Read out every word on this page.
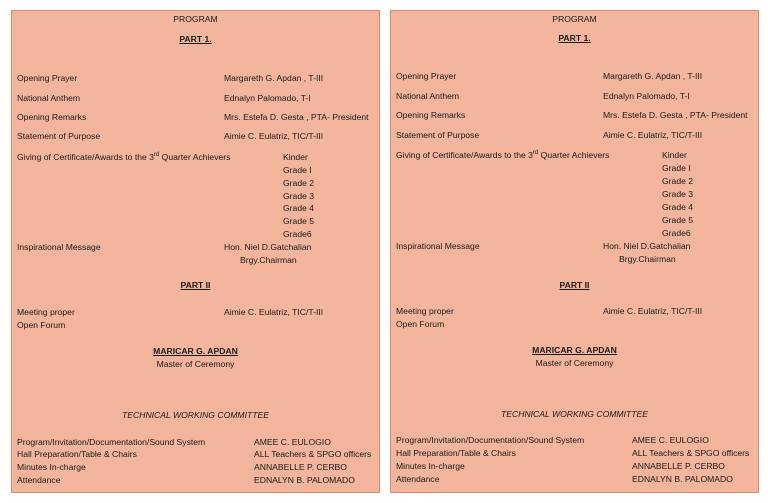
PROGRAM
PART 1.
Opening Prayer	Margareth G. Apdan , T-III
National Anthem	Ednalyn Palomado, T-I
Opening Remarks	Mrs. Estefa D. Gesta , PTA- President
Statement of Purpose	Aimie C. Eulatriz, TIC/T-III
Giving of Certificate/Awards to the 3rd Quarter Achievers	Kinder
Grade I
Grade 2
Grade 3
Grade 4
Grade 5
Grade6
Inspirational Message	Hon. Niel D.Gatchalian
Brgy.Chairman
PART II
Meeting proper	Aimie C. Eulatriz, TIC/T-III
Open Forum
MARICAR G. APDAN
Master of Ceremony
TECHNICAL WORKING COMMITTEE
Program/Invitation/Documentation/Sound System	AMEE C. EULOGIO
Hall Preparation/Table & Chairs	ALL Teachers & SPGO officers
Minutes In-charge	ANNABELLE P. CERBO
Attendance	EDNALYN B. PALOMADO
PROGRAM
PART 1.
Opening Prayer	Margareth G. Apdan , T-III
National Anthem	Ednalyn Palomado, T-I
Opening Remarks	Mrs. Estefa D. Gesta , PTA- President
Statement of Purpose	Aimie C. Eulatriz, TIC/T-III
Giving of Certificate/Awards to the 3rd Quarter Achievers	Kinder
Grade I
Grade 2
Grade 3
Grade 4
Grade 5
Grade6
Inspirational Message	Hon. Niel D.Gatchalian
Brgy.Chairman
PART II
Meeting proper	Aimie C. Eulatriz, TIC/T-III
Open Forum
MARICAR G. APDAN
Master of Ceremony
TECHNICAL WORKING COMMITTEE
Program/Invitation/Documentation/Sound System	AMEE C. EULOGIO
Hall Preparation/Table & Chairs	ALL Teachers & SPGO officers
Minutes In-charge	ANNABELLE P. CERBO
Attendance	EDNALYN B. PALOMADO
